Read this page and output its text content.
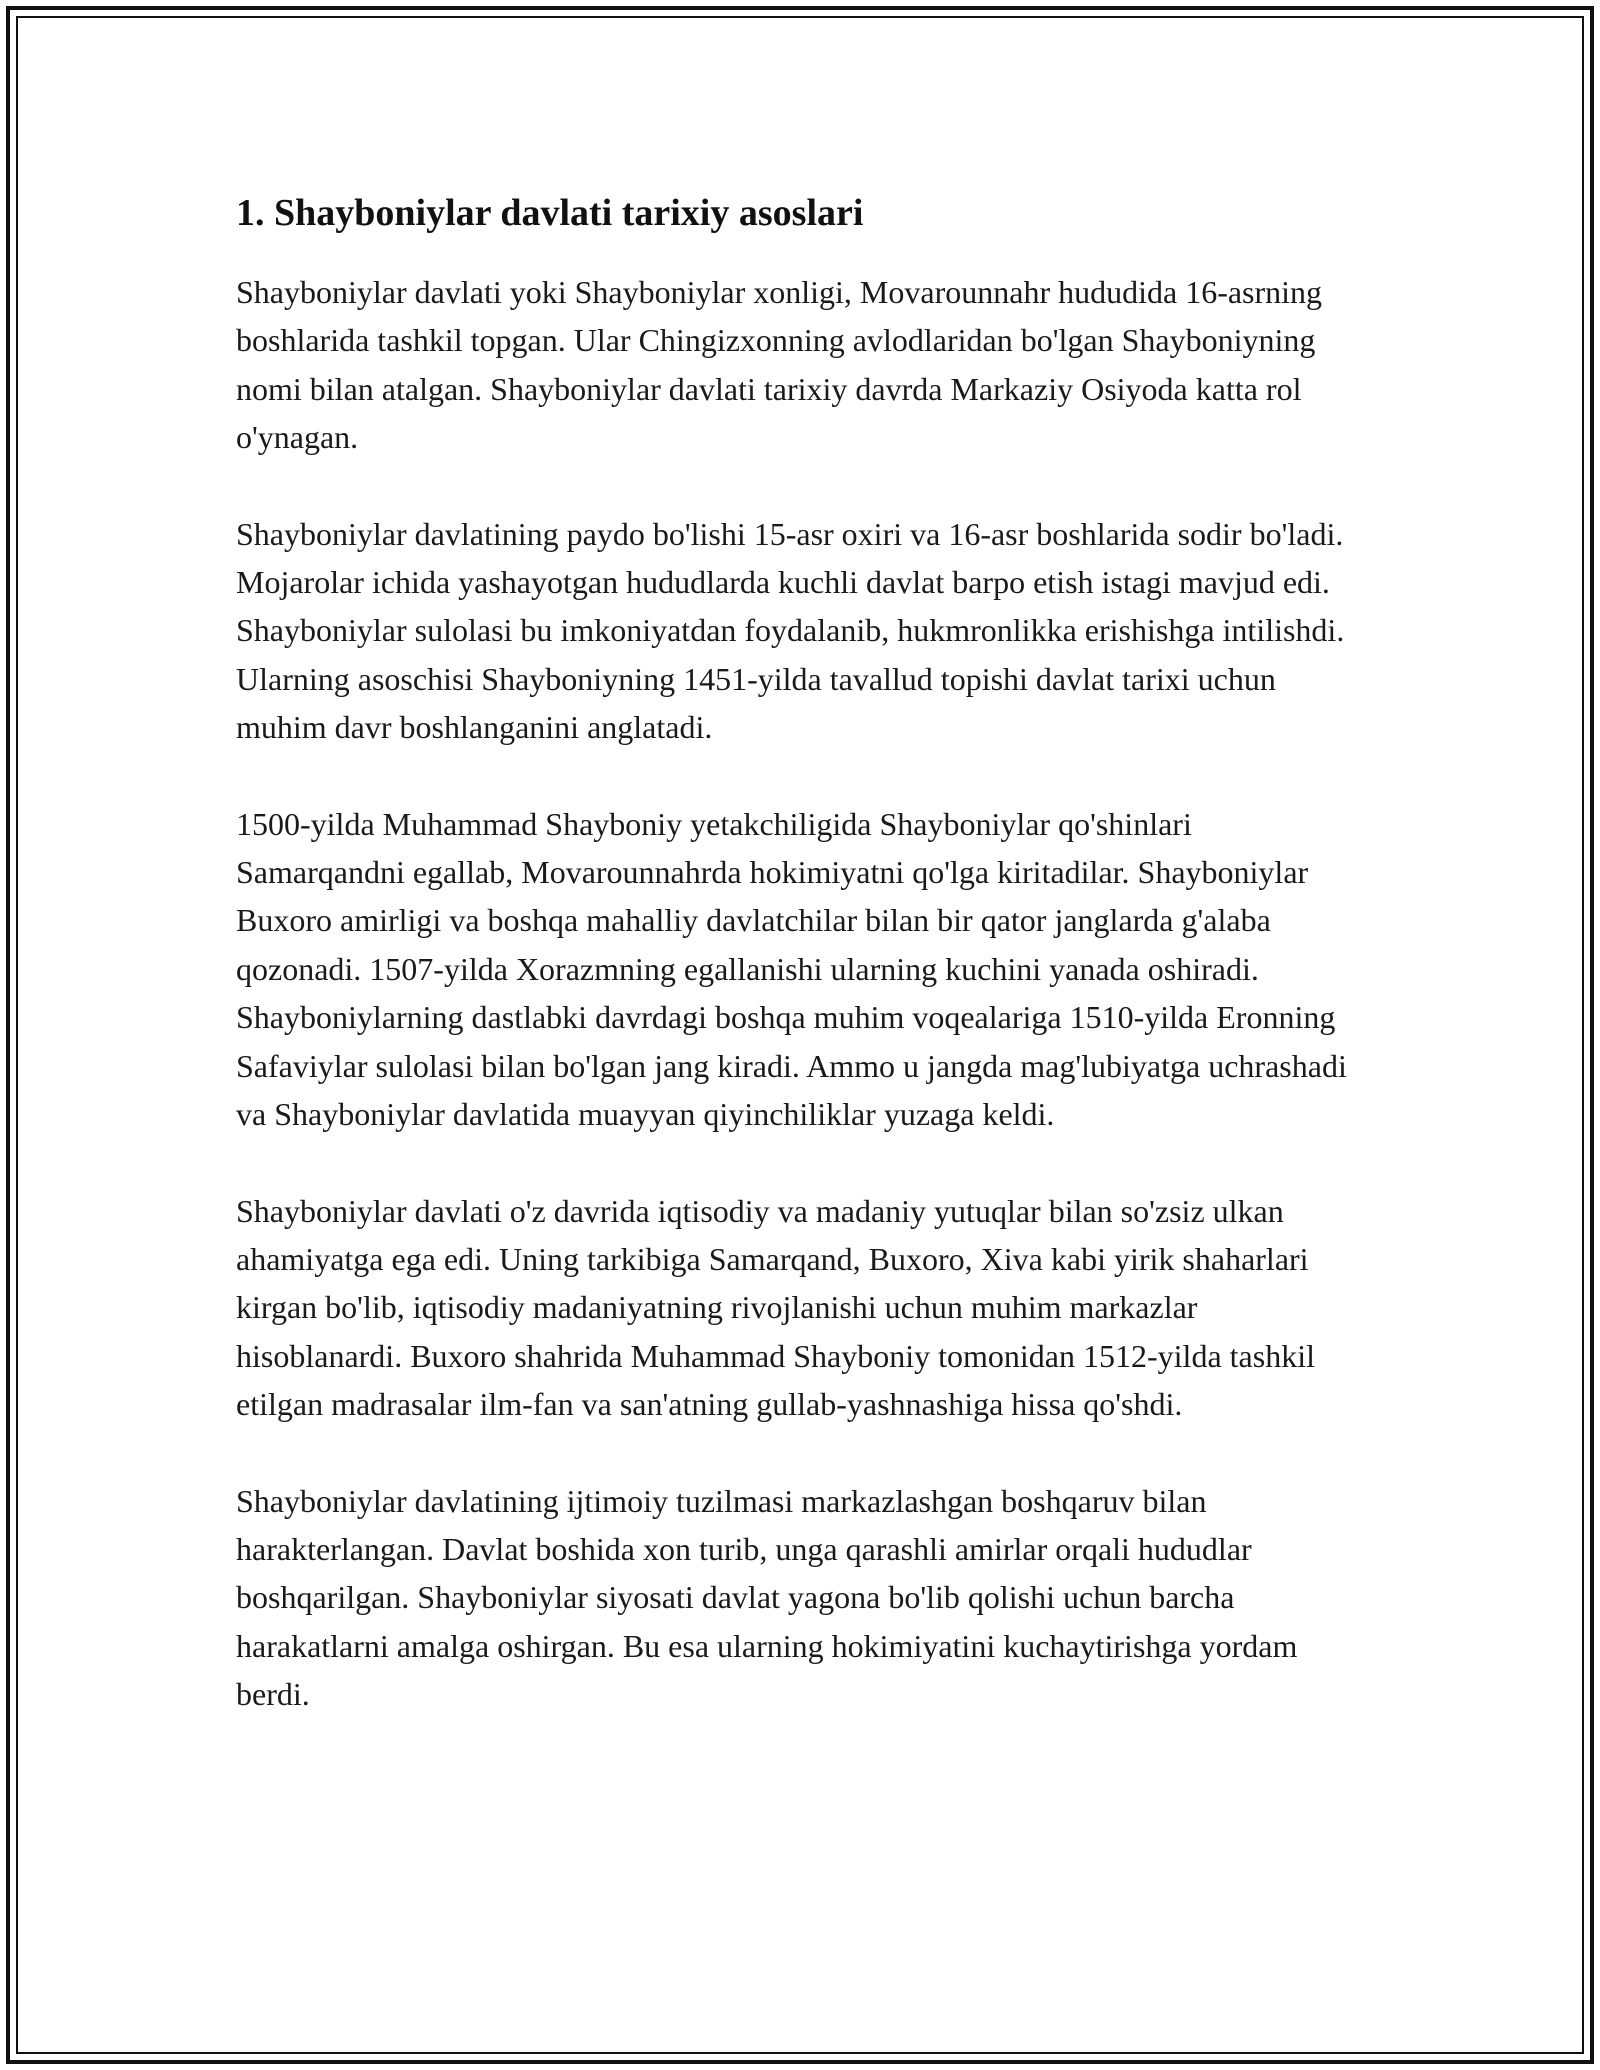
1. Shayboniylar davlati tarixiy asoslari

Shayboniylar davlati yoki Shayboniylar xonligi, Movarounnahr hududida 16-asrning boshlarida tashkil topgan. Ular Chingizxonning avlodlaridan bo'lgan Shayboniyning nomi bilan atalgan. Shayboniylar davlati tarixiy davrda Markaziy Osiyoda katta rol o'ynagan.

Shayboniylar davlatining paydo bo'lishi 15-asr oxiri va 16-asr boshlarida sodir bo'ladi. Mojarolar ichida yashayotgan hududlarda kuchli davlat barpo etish istagi mavjud edi. Shayboniylar sulolasi bu imkoniyatdan foydalanib, hukmronlikka erishishga intilishdi. Ularning asoschisi Shayboniyning 1451-yilda tavallud topishi davlat tarixi uchun muhim davr boshlanganini anglatadi.

1500-yilda Muhammad Shayboniy yetakchiligida Shayboniylar qo'shinlari Samarqandni egallab, Movarounnahrda hokimiyatni qo'lga kiritadilar. Shayboniylar Buxoro amirligi va boshqa mahalliy davlatchilar bilan bir qator janglarda g'alaba qozonadi. 1507-yilda Xorazmning egallanishi ularning kuchini yanada oshiradi. Shayboniylarning dastlabki davrdagi boshqa muhim voqealariga 1510-yilda Eronning Safaviylar sulolasi bilan bo'lgan jang kiradi. Ammo u jangda mag'lubiyatga uchrashadi va Shayboniylar davlatida muayyan qiyinchiliklar yuzaga keldi.

Shayboniylar davlati o'z davrida iqtisodiy va madaniy yutuqlar bilan so'zsiz ulkan ahamiyatga ega edi. Uning tarkibiga Samarqand, Buxoro, Xiva kabi yirik shaharlari kirgan bo'lib, iqtisodiy madaniyatning rivojlanishi uchun muhim markazlar hisoblanardi. Buxoro shahrida Muhammad Shayboniy tomonidan 1512-yilda tashkil etilgan madrasalar ilm-fan va san'atning gullab-yashnashiga hissa qo'shdi.

Shayboniylar davlatining ijtimoiy tuzilmasi markazlashgan boshqaruv bilan harakterlangan. Davlat boshida xon turib, unga qarashli amirlar orqali hududlar boshqarilgan. Shayboniylar siyosati davlat yagona bo'lib qolishi uchun barcha harakatlarni amalga oshirgan. Bu esa ularning hokimiyatini kuchaytirishga yordam berdi.
